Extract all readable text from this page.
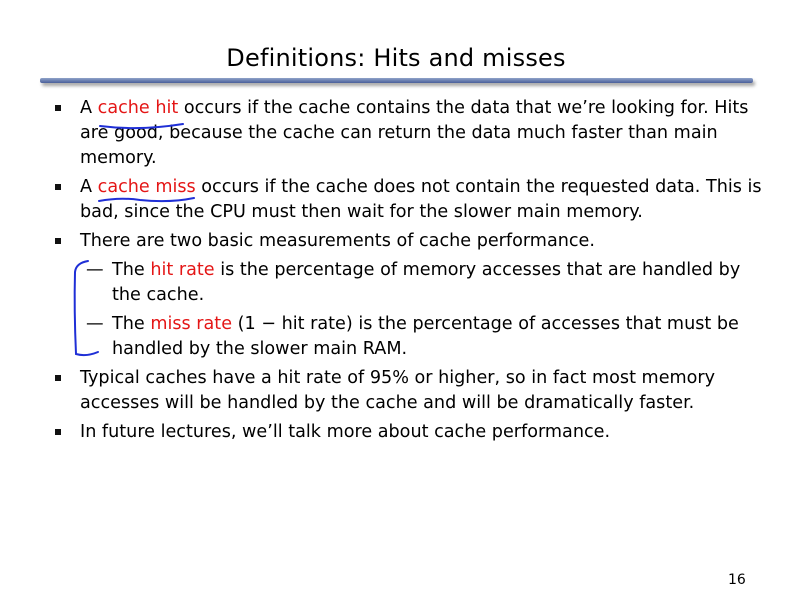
Definitions: Hits and misses
A cache hit occurs if the cache contains the data that we’re looking for. Hits are good, because the cache can return the data much faster than main memory.
A cache miss occurs if the cache does not contain the requested data. This is bad, since the CPU must then wait for the slower main memory.
There are two basic measurements of cache performance.
— The hit rate is the percentage of memory accesses that are handled by the cache.
— The miss rate (1 − hit rate) is the percentage of accesses that must be handled by the slower main RAM.
Typical caches have a hit rate of 95% or higher, so in fact most memory accesses will be handled by the cache and will be dramatically faster.
In future lectures, we’ll talk more about cache performance.
16
